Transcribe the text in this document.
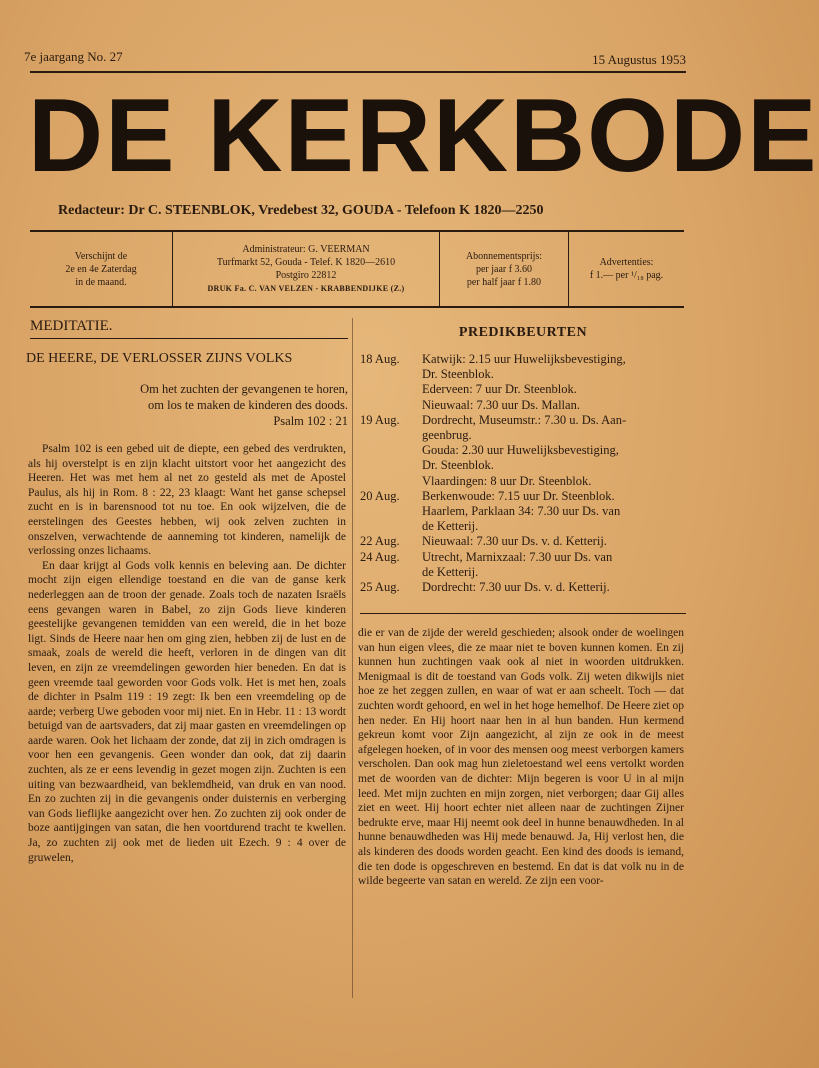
7e jaargang No. 27	15 Augustus 1953
DE KERKBODE
Redacteur: Dr C. STEENBLOK, Vredebest 32, GOUDA - Telefoon K 1820—2250
Verschijnt de
2e en 4e Zaterdag
in de maand.
Administrateur: G. VEERMAN
Turfmarkt 52, Gouda - Telef. K 1820—2610
Postgiro 22812
DRUK Fa. C. VAN VELZEN - KRABBENDIJKE (Z.)
Abonnementsprijs:
per jaar f 3.60
per half jaar f 1.80
Advertenties:
f 1.— per ¹/₁₈ pag.
MEDITATIE.
DE HEERE, DE VERLOSSER ZIJNS VOLKS
Om het zuchten der gevangenen te horen,
om los te maken de kinderen des doods.
Psalm 102 : 21

Psalm 102 is een gebed uit de diepte, een gebed des verdrukten, als hij overstelpt is en zijn klacht uitstort voor het aangezicht des Heeren. Het was met hem al net zo gesteld als met de Apostel Paulus, als hij in Rom. 8 : 22, 23 klaagt: Want het ganse schepsel zucht en is in barensnood tot nu toe. En ook wijzelven, die de eerstelingen des Geestes hebben, wij ook zelven zuchten in onszelven, verwachtende de aanneming tot kinderen, namelijk de verlossing onzes lichaams.

En daar krijgt al Gods volk kennis en beleving aan. De dichter mocht zijn eigen ellendige toestand en die van de ganse kerk nederleggen aan de troon der genade. Zoals toch de nazaten Israëls eens gevangen waren in Babel, zo zijn Gods lieve kinderen geestelijke gevangenen temidden van een wereld, die in het boze ligt. Sinds de Heere naar hen om ging zien, hebben zij de lust en de smaak, zoals de wereld die heeft, verloren in de dingen van dit leven, en zijn ze vreemdelingen geworden hier beneden. En dat is geen vreemde taal geworden voor Gods volk. Het is met hen, zoals de dichter in Psalm 119 : 19 zegt: Ik ben een vreemdeling op de aarde; verberg Uwe geboden voor mij niet. En in Hebr. 11 : 13 wordt betuigd van de aartsvaders, dat zij maar gasten en vreemdelingen op aarde waren. Ook het lichaam der zonde, dat zij in zich omdragen is voor hen een gevangenis. Geen wonder dan ook, dat zij daarin zuchten, als ze er eens levendig in gezet mogen zijn. Zuchten is een uiting van bezwaardheid, van beklemdheid, van druk en van nood. En zo zuchten zij in die gevangenis onder duisternis en verberging van Gods lieflijke aangezicht over hen. Zo zuchten zij ook onder de boze aantijgingen van satan, die hen voortdurend tracht te kwellen. Ja, zo zuchten zij ook met de lieden uit Ezech. 9 : 4 over de gruwelen,

PREDIKBEURTEN
18 Aug.	Katwijk: 2.15 uur Huwelijksbevestiging,
Dr. Steenblok.
Ederveen: 7 uur Dr. Steenblok.
Nieuwaal: 7.30 uur Ds. Mallan.
19 Aug.	Dordrecht, Museumstr.: 7.30 u. Ds. Aan-
geenbrug.
Gouda: 2.30 uur Huwelijksbevestiging,
Dr. Steenblok.
Vlaardingen: 8 uur Dr. Steenblok.
20 Aug.	Berkenwoude: 7.15 uur Dr. Steenblok.
Haarlem, Parklaan 34: 7.30 uur Ds. van
de Ketterij.
22 Aug.	Nieuwaal: 7.30 uur Ds. v. d. Ketterij.
24 Aug.	Utrecht, Marnixzaal: 7.30 uur Ds. van
de Ketterij.
25 Aug.	Dordrecht: 7.30 uur Ds. v. d. Ketterij.

die er van de zijde der wereld geschieden; alsook onder de woelingen van hun eigen vlees, die ze maar niet te boven kunnen komen. En zij kunnen hun zuchtingen vaak ook al niet in woorden uitdrukken. Menigmaal is dit de toestand van Gods volk. Zij weten dikwijls niet hoe ze het zeggen zullen, en waar of wat er aan scheelt. Toch — dat zuchten wordt gehoord, en wel in het hoge hemelhof. De Heere ziet op hen neder. En Hij hoort naar hen in al hun banden. Hun kermend gekreun komt voor Zijn aangezicht, al zijn ze ook in de meest afgelegen hoeken, of in voor des mensen oog meest verborgen kamers verscholen. Dan ook mag hun zieletoestand wel eens vertolkt worden met de woorden van de dichter: Mijn begeren is voor U in al mijn leed. Met mijn zuchten en mijn zorgen, niet verborgen; daar Gij alles ziet en weet. Hij hoort echter niet alleen naar de zuchtingen Zijner bedrukte erve, maar Hij neemt ook deel in hunne benauwdheden. In al hunne benauwdheden was Hij mede benauwd. Ja, Hij verlost hen, die als kinderen des doods worden geacht. Een kind des doods is iemand, die ten dode is opgeschreven en bestemd. En dat is dat volk nu in de wilde begeerte van satan en wereld. Ze zijn een voor-
